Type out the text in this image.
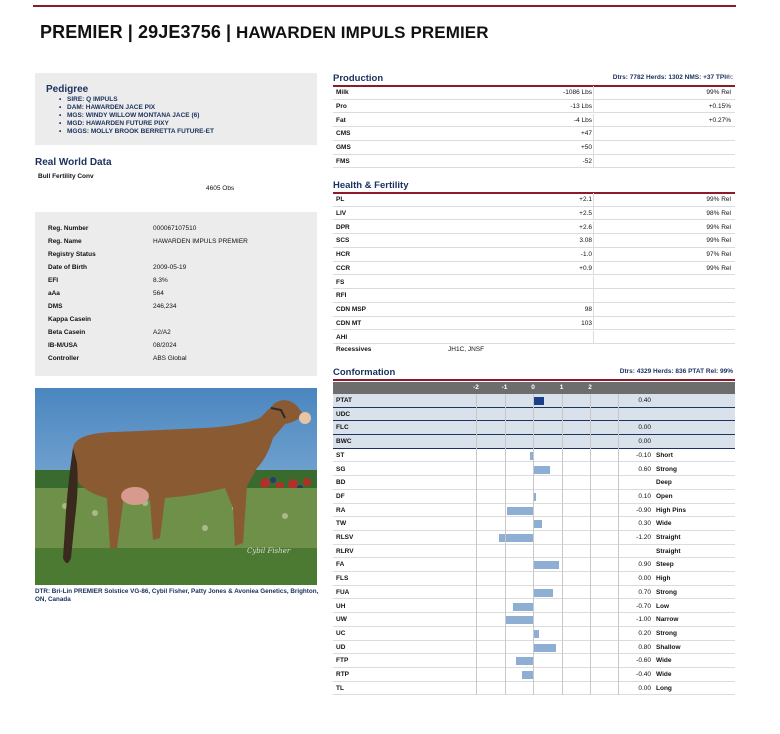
PREMIER | 29JE3756 | HAWARDEN IMPULS PREMIER
Pedigree
• SIRE: Q IMPULS
• DAM: HAWARDEN JACE PIX
• MGS: WINDY WILLOW MONTANA JACE (6)
• MGD: HAWARDEN FUTURE PIXY
• MGGS: MOLLY BROOK BERRETTA FUTURE-ET
Real World Data
Bull Fertility Conv
4605 Obs
Reg. Number	000067107510
Reg. Name	HAWARDEN IMPULS PREMIER
Registry Status
Date of Birth	2009-05-19
EFI	8.3%
aAa	564
DMS	246,234
Kappa Casein
Beta Casein	A2/A2
IB-M/USA	08/2024
Controller	ABS Global
Cybil Fisher
DTR: Bri-Lin PREMIER Solstice VG-86, Cybil Fisher, Patty Jones & Avoniea Genetics, Brighton, ON, Canada
Production	Dtrs: 7782 Herds: 1302 NMS: +37 TPI®:
Milk	-1086 Lbs	99% Rel
Pro	-13 Lbs	+0.15%
Fat	-4 Lbs	+0.27%
CMS	+47
GMS	+50
FMS	-52
Health & Fertility
PL	+2.1	99% Rel
LIV	+2.5	98% Rel
DPR	+2.6	99% Rel
SCS	3.08	99% Rel
HCR	-1.0	97% Rel
CCR	+0.9	99% Rel
FS
RFI
CDN MSP	98
CDN MT	103
AHI
Recessives	JH1C, JNSF
Conformation	Dtrs: 4329 Herds: 836 PTAT Rel: 99%
-2	-1	0	1	2
PTAT	0.40
UDC
FLC	0.00
BWC	0.00
ST	-0.10 Short
SG	0.60 Strong
BD	Deep
DF	0.10 Open
RA	-0.90 High Pins
TW	0.30 Wide
RLSV	-1.20 Straight
RLRV	Straight
FA	0.90 Steep
FLS	0.00 High
FUA	0.70 Strong
UH	-0.70 Low
UW	-1.00 Narrow
UC	0.20 Strong
UD	0.80 Shallow
FTP	-0.60 Wide
RTP	-0.40 Wide
TL	0.00 Long
